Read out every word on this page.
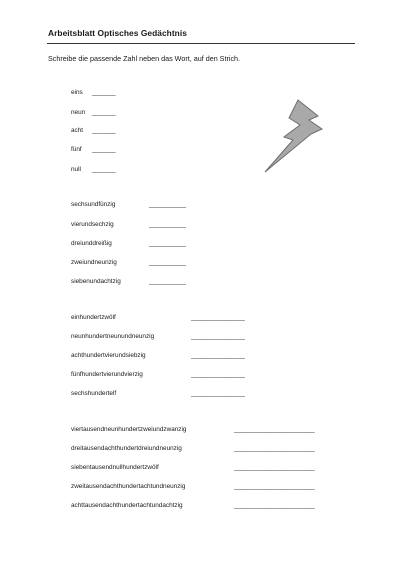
Arbeitsblatt Optisches Gedächtnis
Schreibe die passende Zahl neben das Wort, auf den Strich.
eins _______
neun _______
acht _______
fünf _______
null _______
sechsundfünzig	___________
vierundsechzig	___________
dreiunddreißig	___________
zweiundneunzig	___________
siebenundachtzig	___________
einhundertzwölf	________________
neunhundertneunundneunzig	________________
achthundertvierundsiebzig	________________
fünfhundertvierundvierzig	________________
sechshundertelf	________________
viertausendneunhundertzweiundzwanzig	________________________
dreitausendachthundertdreiundneunzig	________________________
siebentausendnullhundertzwölf	________________________
zweitausendachthundertachtundneunzig	________________________
achttausendachthundertachtundachtzig	________________________
